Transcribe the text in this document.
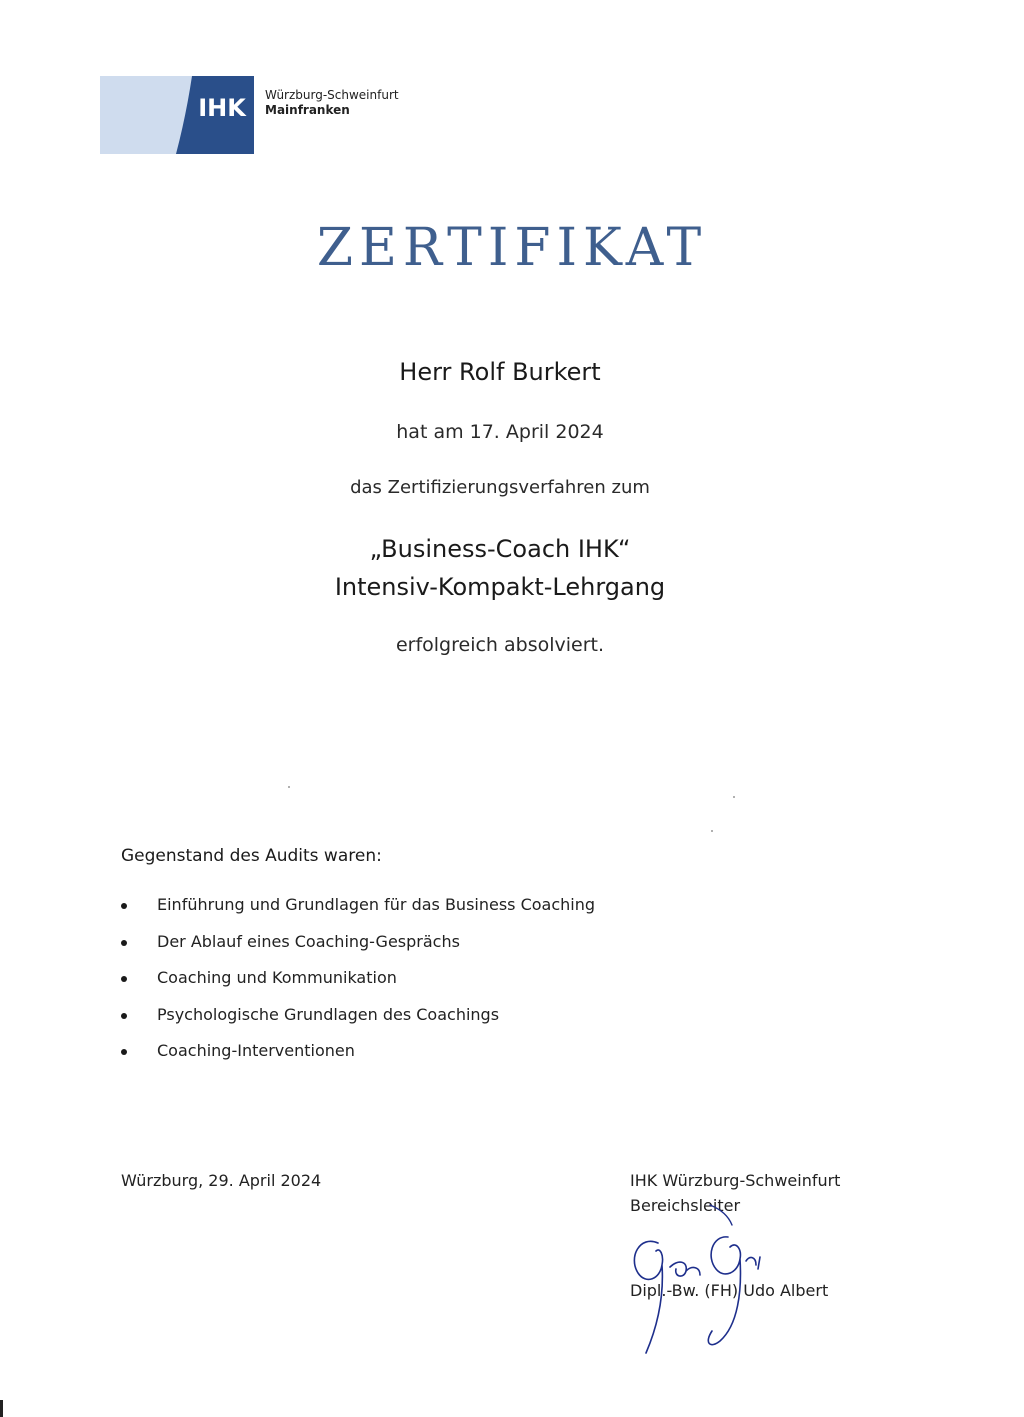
IHK Würzburg-Schweinfurt
Mainfranken
ZERTIFIKAT
Herr Rolf Burkert
hat am 17. April 2024
das Zertifizierungsverfahren zum
„Business-Coach IHK“
Intensiv-Kompakt-Lehrgang
erfolgreich absolviert.
Gegenstand des Audits waren:
Einführung und Grundlagen für das Business Coaching
Der Ablauf eines Coaching-Gesprächs
Coaching und Kommunikation
Psychologische Grundlagen des Coachings
Coaching-Interventionen
Würzburg, 29. April 2024	IHK Würzburg-Schweinfurt
Bereichsleiter
Dipl.-Bw. (FH) Udo Albert
